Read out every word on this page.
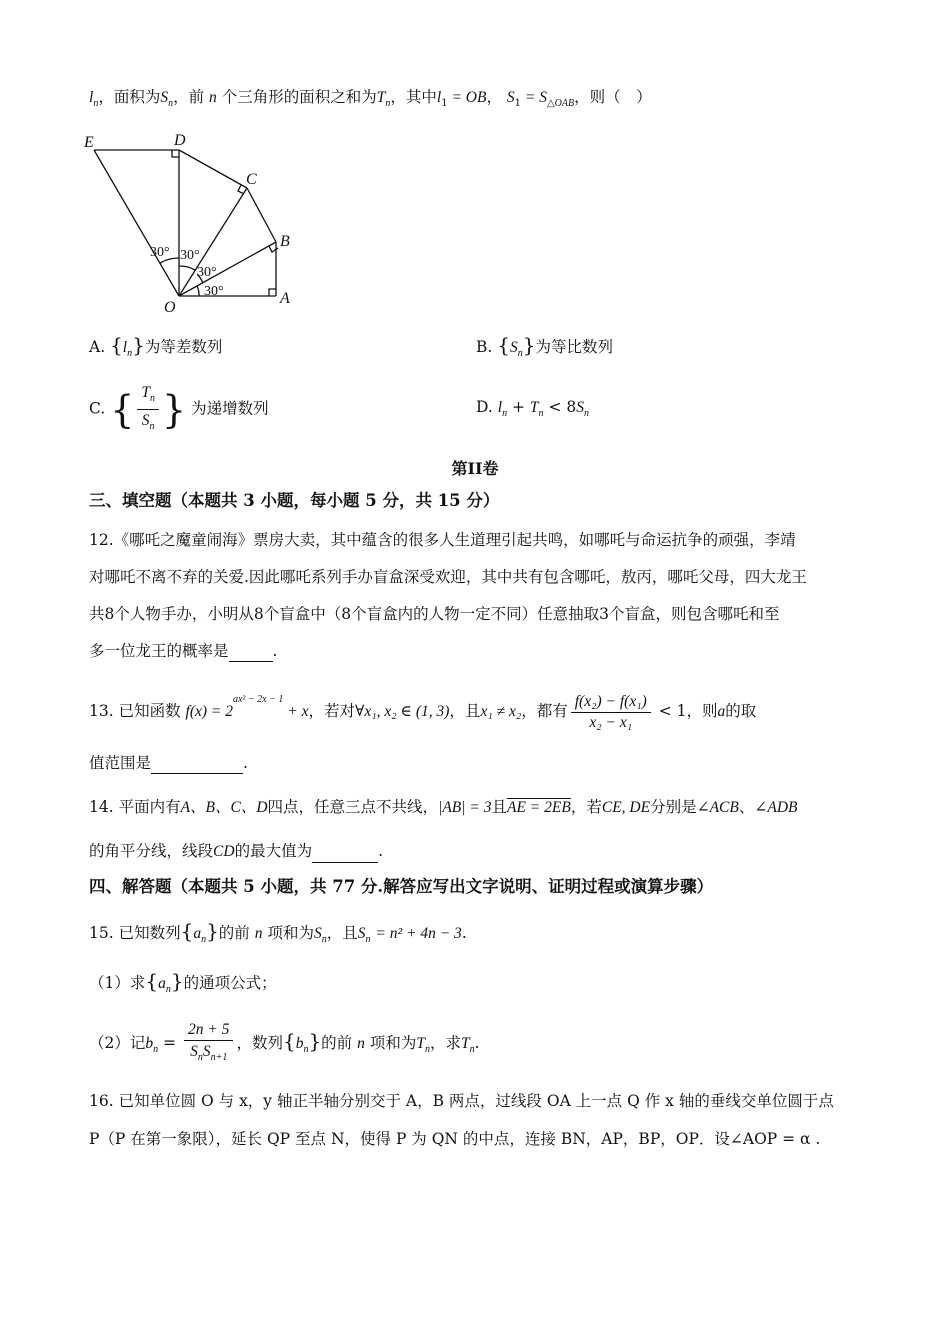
$l_n$，面积为$S_n$，前 n 个三角形的面积之和为$T_n$，其中$l_1$ = OB， $S_1 = S_{\triangle OAB}$，则（　）
E	D
C
B
A
O
30° 30°
30°
30°
A. $\{l_n\}$为等差数列	B. $\{S_n\}$为等比数列
C. { $\frac{T_n}{S_n}$ } 为递增数列	D. $l_n + T_n < 8S_n$
第II卷
三、填空题（本题共 3 小题，每小题 5 分，共 15 分）
12.《哪吒之魔童闹海》票房大卖，其中蕴含的很多人生道理引起共鸣，如哪吒与命运抗争的顽强，李靖
对哪吒不离不弃的关爱.因此哪吒系列手办盲盒深受欢迎，其中共有包含哪吒，敖丙，哪吒父母，四大龙王
共8个人物手办，小明从8个盲盒中（8个盲盒内的人物一定不同）任意抽取3个盲盒，则包含哪吒和至
多一位龙王的概率是	.
13. 已知函数 $f(x) = 2^{ax^2 - 2x - 1} + x$，若对∀x₁, x₂ ∈ (1, 3)，且x₁ ≠ x₂，都有 $\frac{\text{f(x₂) − f(x₁)}}{\text{x₂ − x₁}} < 1$，则a的取
值范围是	.
14. 平面内有A、B、C、D四点，任意三点不共线，|AB| = 3且AE = 2EB，若CE, DE分别是∠ACB、∠ADB
的角平分线，线段CD的最大值为	.
四、解答题（本题共 5 小题，共 77 分.解答应写出文字说明、证明过程或演算步骤）
15. 已知数列$\{a_n\}$的前 n 项和为$S_n$，且$S_n = n^2 + 4n - 3$.
（1）求$\{a_n\}$的通项公式；
（2）记$b_n = \frac{2n + 5}{S_nS_{n+1}}$ ，数列$\{b_n\}$的前 n 项和为$T_n$，求$T_n$.
16. 已知单位圆 O 与 x，y 轴正半轴分别交于 A，B 两点，过线段 OA 上一点 Q 作 x 轴的垂线交单位圆于点
P（P 在第一象限），延长 QP 至点 N，使得 P 为 QN 的中点，连接 BN，AP，BP，OP．设∠AOP = α .
